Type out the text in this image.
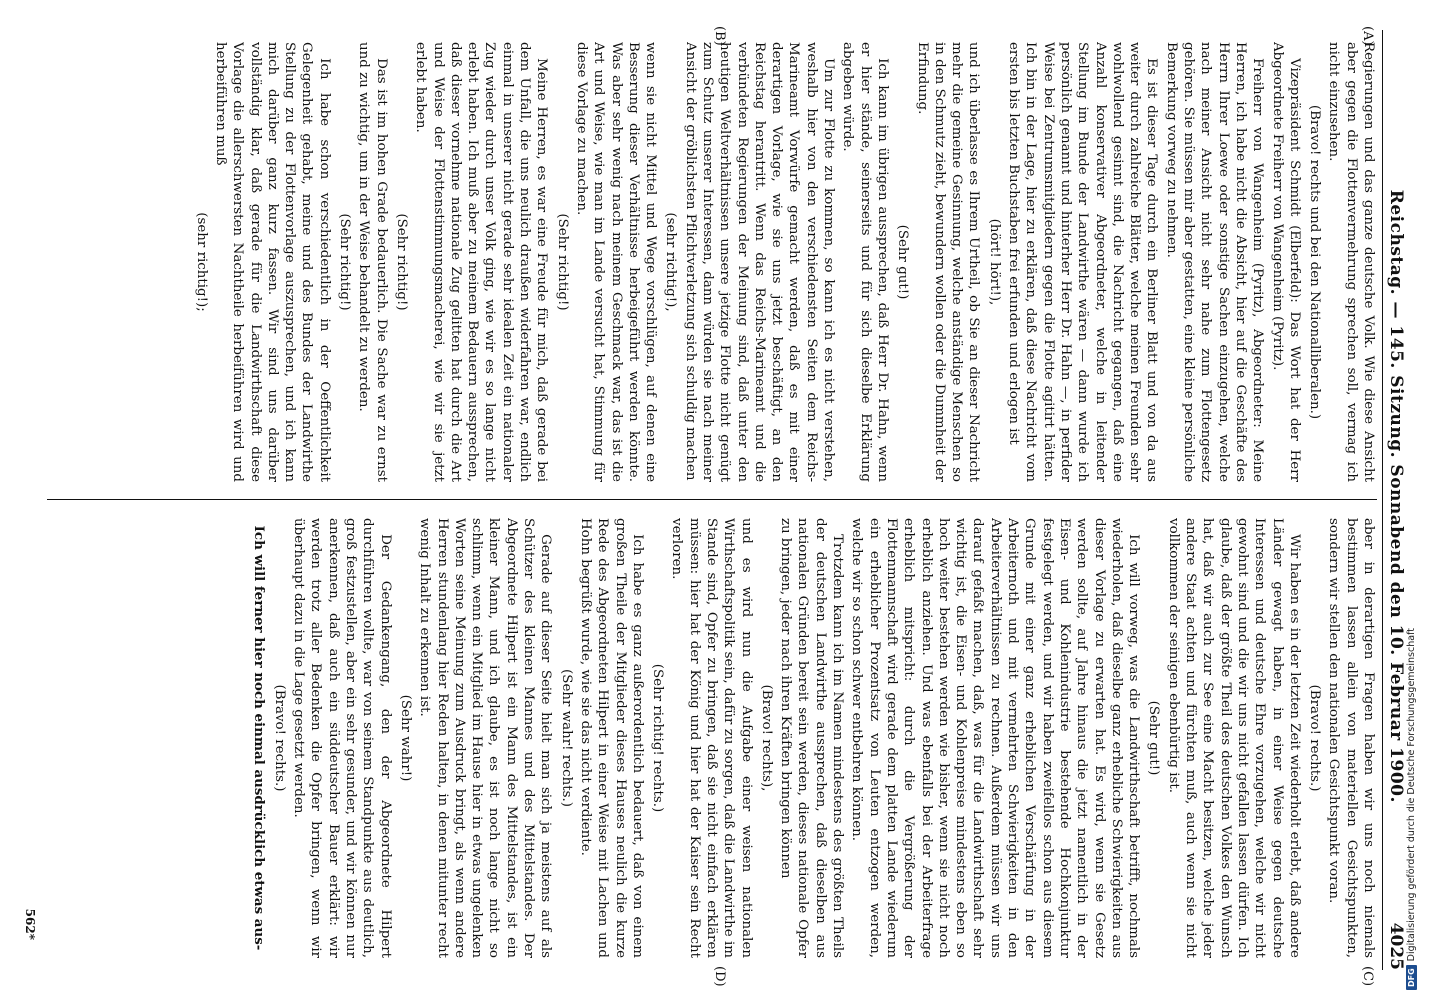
Reichstag. — 145. Sitzung. Sonnabend den 10. Februar 1900.
4025
(A)
(B)
(C)
(D)

Regierungen und das ganze deutsche Volk. Wie diese Ansicht aber gegen die Flottenvermehrung sprechen soll, vermag ich nicht einzusehen.

(Bravo! rechts und bei den Nationalliberalen.)

Vizepräsident Schmidt (Elberfeld): Das Wort hat der Herr Abgeordnete Freiherr von Wangenheim (Pyritz).

Freiherr von Wangenheim (Pyritz), Abgeordneter: Meine Herren, ich habe nicht die Absicht, hier auf die Geschäfte des Herrn Ihrer Loewe oder sonstige Sachen einzugehen, welche nach meiner Ansicht nicht sehr nahe zum Flottengesetz gehören. Sie müssen mir aber gestatten, eine kleine persönliche Bemerkung vorweg zu nehmen.

Es ist dieser Tage durch ein Berliner Blatt und von da aus weiter durch zahlreiche Blätter, welche meinen Freunden sehr wohlwollend gesinnt sind, die Nachricht gegangen, daß eine Anzahl konservativer Abgeordneter, welche in leitender Stellung im Bunde der Landwirthe wären — dann wurde ich persönlich genannt und hinterher Herr Dr. Hahn —, in perfider Weise bei Zentrumsmitgliedern gegen die Flotte agitirt hätten. Ich bin in der Lage, hier zu erklären, daß diese Nachricht vom ersten bis letzten Buchstaben frei erfunden und erlogen ist

(hört! hört!),

und ich überlasse es Ihrem Urtheil, ob Sie an dieser Nachricht mehr die gemeine Gesinnung, welche anständige Menschen so in den Schmutz zieht, bewundern wollen oder die Dummheit der Erfindung.

(Sehr gut!)

Ich kann im übrigen aussprechen, daß Herr Dr. Hahn, wenn er hier stände, seinerseits und für sich dieselbe Erklärung abgeben würde.

Um zur Flotte zu kommen, so kann ich es nicht verstehen, weshalb hier von den verschiedensten Seiten dem Reichs-Marineamt Vorwürfe gemacht werden, daß es mit einer derartigen Vorlage, wie sie uns jetzt beschäftigt, an den Reichstag herantritt. Wenn das Reichs-Marineamt und die verbündeten Regierungen der Meinung sind, daß unter den heutigen Weltverhältnissen unsere jetzige Flotte nicht genügt zum Schutz unserer Interessen, dann würden sie nach meiner Ansicht der gröblichsten Pflichtverletzung sich schuldig machen

(sehr richtig!),

wenn sie nicht Mittel und Wege vorschlügen, auf denen eine Besserung dieser Verhältnisse herbeigeführt werden könnte. Was aber sehr wenig nach meinem Geschmack war, das ist die Art und Weise, wie man im Lande versucht hat, Stimmung für diese Vorlage zu machen.

(Sehr richtig!)

Meine Herren, es war eine Freude für mich, daß gerade bei dem Unfall, die uns neulich draußen widerfahren war, endlich einmal in unserer nicht gerade sehr idealen Zeit ein nationaler Zug wieder durch unser Volk ging, wie wir es so lange nicht erlebt haben. Ich muß aber zu meinem Bedauern aussprechen, daß dieser vornehme nationale Zug gelitten hat durch die Art und Weise der Flottenstimmungsmacherei, wie wir sie jetzt erlebt haben.

(Sehr richtig!)

Das ist im hohen Grade bedauerlich. Die Sache war zu ernst und zu wichtig, um in der Weise behandelt zu werden.

(Sehr richtig!)

Ich habe schon verschiedentlich in der Oeffentlichkeit Gelegenheit gehabt, meine und des Bundes der Landwirthe Stellung zu der Flottenvorlage auszusprechen, und ich kann mich darüber ganz kurz fassen. Wir sind uns darüber vollständig klar, daß gerade für die Landwirthschaft diese Vorlage die allerschwersten Nachtheile herbeiführen wird und herbeiführen muß

(sehr richtig!);

aber in derartigen Fragen haben wir uns noch niemals bestimmen lassen allein von materiellen Gesichtspunkten, sondern wir stellen den nationalen Gesichtspunkt voran.

(Bravo! rechts.)

Wir haben es in der letzten Zeit wiederholt erlebt, daß andere Länder gewagt haben, in einer Weise gegen deutsche Interessen und deutsche Ehre vorzugehen, welche wir nicht gewohnt sind und die wir uns nicht gefallen lassen dürfen. Ich glaube, daß der größte Theil des deutschen Volkes den Wunsch hat, daß wir auch zur See eine Macht besitzen, welche jeder andere Staat achten und fürchten muß, auch wenn sie nicht vollkommen der seinigen ebenbürtig ist.

(Sehr gut!)

Ich will vorweg, was die Landwirthschaft betrifft, nochmals wiederholen, daß dieselbe ganz erhebliche Schwierigkeiten aus dieser Vorlage zu erwarten hat. Es wird, wenn sie Gesetz werden sollte, auf Jahre hinaus die jetzt namentlich in der Eisen- und Kohlenindustrie bestehende Hochkonjunktur festgelegt werden, und wir haben zweifellos schon aus diesem Grunde mit einer ganz erheblichen Verschärfung in der Arbeiternoth und mit vermehrten Schwierigkeiten in den Arbeiterverhältnissen zu rechnen. Außerdem müssen wir uns darauf gefaßt machen, daß, was für die Landwirthschaft sehr wichtig ist, die Eisen- und Kohlenpreise mindestens eben so hoch weiter bestehen werden wie bisher, wenn sie nicht noch erheblich anziehen. Und was ebenfalls bei der Arbeiterfrage erheblich mitspricht: durch die Vergrößerung der Flottenmannschaft wird gerade dem platten Lande wiederum ein erheblicher Prozentsatz von Leuten entzogen werden, welche wir so schon schwer entbehren können.

Trotzdem kann ich im Namen mindestens des größten Theils der deutschen Landwirthe aussprechen, daß dieselben aus nationalen Gründen bereit sein werden, dieses nationale Opfer zu bringen, jeder nach ihren Kräften bringen können

(Bravo! rechts),

und es wird nun die Aufgabe einer weisen nationalen Wirthschaftspolitik sein, dafür zu sorgen, daß die Landwirthe im Stande sind, Opfer zu bringen, daß sie nicht einfach erklären müssen: hier hat der König und hier hat der Kaiser sein Recht verloren.

(Sehr richtig! rechts.)

Ich habe es ganz außerordentlich bedauert, daß von einem großen Theile der Mitglieder dieses Hauses neulich die kurze Rede des Abgeordneten Hilpert in einer Weise mit Lachen und Hohn begrüßt wurde, wie sie das nicht verdiente.

(Sehr wahr! rechts.)

Gerade auf dieser Seite hielt man sich ja meistens auf als Schützer des kleinen Mannes und des Mittelstandes. Der Abgeordnete Hilpert ist ein Mann des Mittelstandes, ist ein kleiner Mann, und ich glaube, es ist noch lange nicht so schlimm, wenn ein Mitglied im Hause hier in etwas ungelenken Worten seine Meinung zum Ausdruck bringt, als wenn andere Herren stundenlang hier Reden halten, in denen mitunter recht wenig Inhalt zu erkennen ist.

(Sehr wahr!)

Der Gedankengang, den der Abgeordnete Hilpert durchführen wollte, war von seinem Standpunkte aus deutlich, groß festzustellen, aber ein sehr gesunder, und wir können nur anerkennen, daß auch ein süddeutscher Bauer erklärt: wir werden trotz aller Bedenken die Opfer bringen, wenn wir überhaupt dazu in die Lage gesetzt werden.

(Bravo! rechts.)

Ich will ferner hier noch einmal ausdrücklich etwas aus-

562*
DFG
Digitalisierung gefördert durch die Deutsche Forschungsgemeinschaft
